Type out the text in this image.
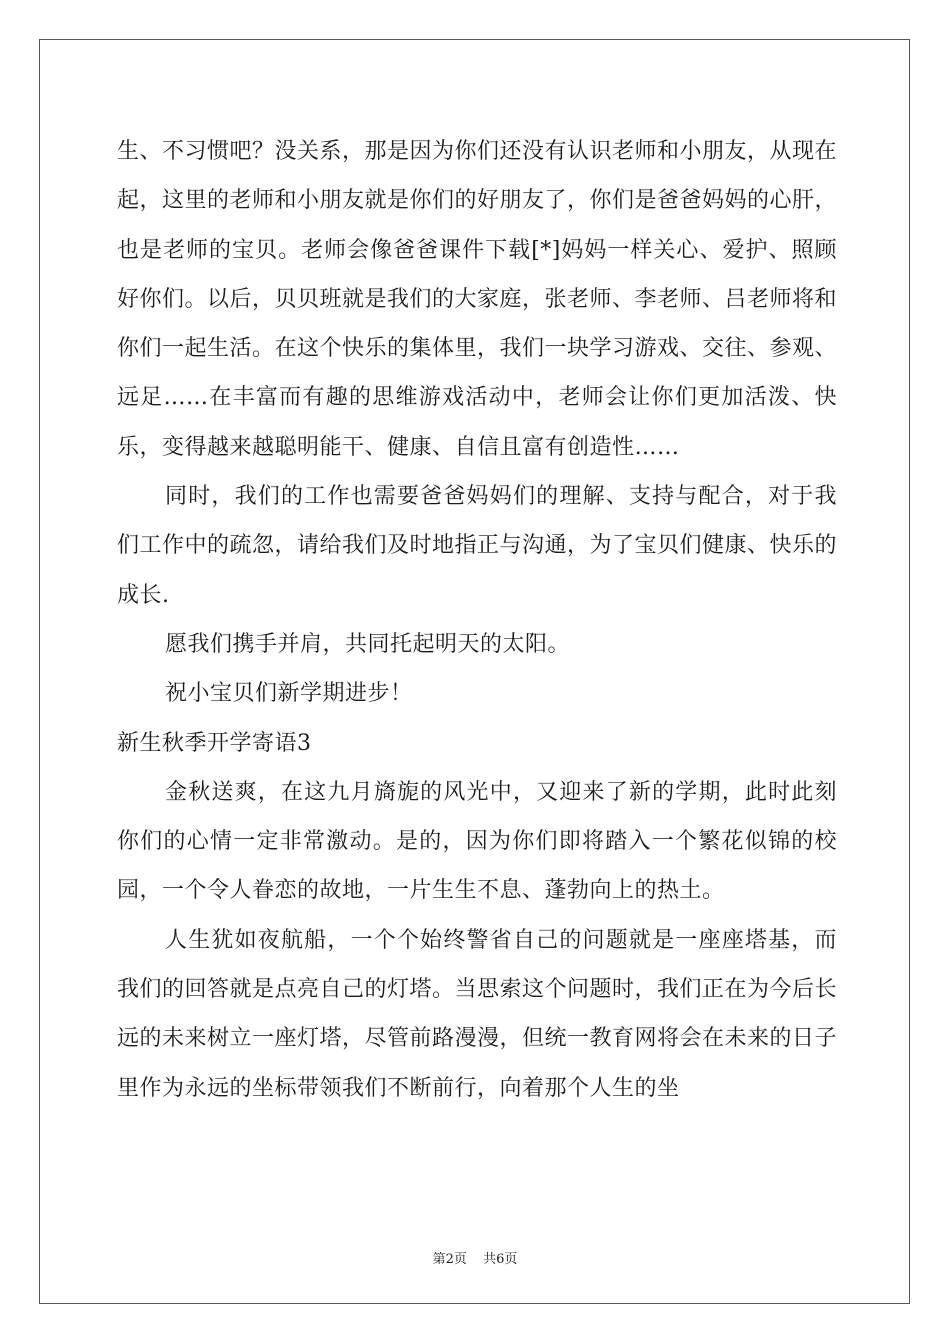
生、不习惯吧？没关系，那是因为你们还没有认识老师和小朋友，从现在起，这里的老师和小朋友就是你们的好朋友了，你们是爸爸妈妈的心肝，也是老师的宝贝。老师会像爸爸课件下载[*]妈妈一样关心、爱护、照顾好你们。以后，贝贝班就是我们的大家庭，张老师、李老师、吕老师将和你们一起生活。在这个快乐的集体里，我们一块学习游戏、交往、参观、远足……在丰富而有趣的思维游戏活动中，老师会让你们更加活泼、快乐，变得越来越聪明能干、健康、自信且富有创造性……

同时，我们的工作也需要爸爸妈妈们的理解、支持与配合，对于我们工作中的疏忽，请给我们及时地指正与沟通，为了宝贝们健康、快乐的成长.

愿我们携手并肩，共同托起明天的太阳。

祝小宝贝们新学期进步！

新生秋季开学寄语3

金秋送爽，在这九月旖旎的风光中，又迎来了新的学期，此时此刻你们的心情一定非常激动。是的，因为你们即将踏入一个繁花似锦的校园，一个令人眷恋的故地，一片生生不息、蓬勃向上的热土。

人生犹如夜航船，一个个始终警省自己的问题就是一座座塔基，而我们的回答就是点亮自己的灯塔。当思索这个问题时，我们正在为今后长远的未来树立一座灯塔，尽管前路漫漫，但统一教育网将会在未来的日子里作为永远的坐标带领我们不断前行，向着那个人生的坐

第2页 共6页
